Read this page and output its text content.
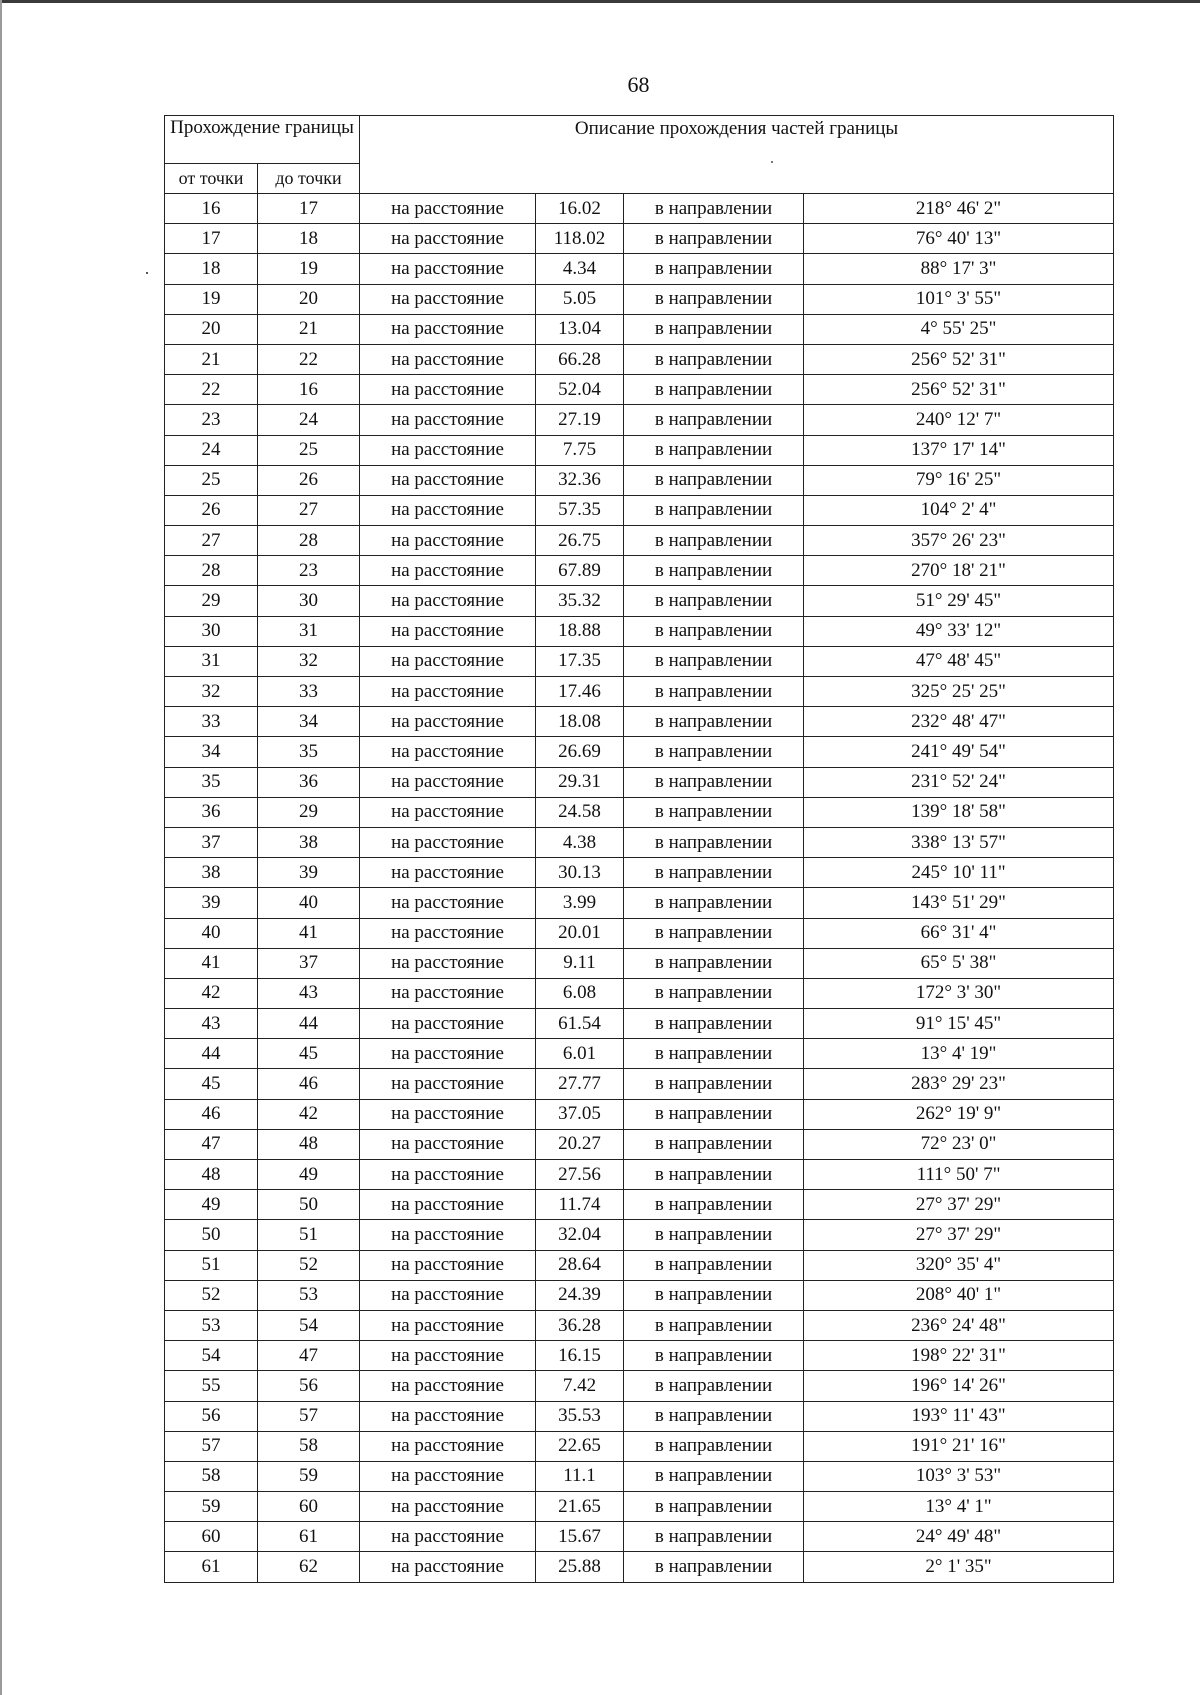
68
Прохождение границы		Описание прохождения частей границы			
от точки	до точки				
16	17	на расстояние	16.02	в направлении	218° 46' 2"
17	18	на расстояние	118.02	в направлении	76° 40' 13"
18	19	на расстояние	4.34	в направлении	88° 17' 3"
19	20	на расстояние	5.05	в направлении	101° 3' 55"
20	21	на расстояние	13.04	в направлении	4° 55' 25"
21	22	на расстояние	66.28	в направлении	256° 52' 31"
22	16	на расстояние	52.04	в направлении	256° 52' 31"
23	24	на расстояние	27.19	в направлении	240° 12' 7"
24	25	на расстояние	7.75	в направлении	137° 17' 14"
25	26	на расстояние	32.36	в направлении	79° 16' 25"
26	27	на расстояние	57.35	в направлении	104° 2' 4"
27	28	на расстояние	26.75	в направлении	357° 26' 23"
28	23	на расстояние	67.89	в направлении	270° 18' 21"
29	30	на расстояние	35.32	в направлении	51° 29' 45"
30	31	на расстояние	18.88	в направлении	49° 33' 12"
31	32	на расстояние	17.35	в направлении	47° 48' 45"
32	33	на расстояние	17.46	в направлении	325° 25' 25"
33	34	на расстояние	18.08	в направлении	232° 48' 47"
34	35	на расстояние	26.69	в направлении	241° 49' 54"
35	36	на расстояние	29.31	в направлении	231° 52' 24"
36	29	на расстояние	24.58	в направлении	139° 18' 58"
37	38	на расстояние	4.38	в направлении	338° 13' 57"
38	39	на расстояние	30.13	в направлении	245° 10' 11"
39	40	на расстояние	3.99	в направлении	143° 51' 29"
40	41	на расстояние	20.01	в направлении	66° 31' 4"
41	37	на расстояние	9.11	в направлении	65° 5' 38"
42	43	на расстояние	6.08	в направлении	172° 3' 30"
43	44	на расстояние	61.54	в направлении	91° 15' 45"
44	45	на расстояние	6.01	в направлении	13° 4' 19"
45	46	на расстояние	27.77	в направлении	283° 29' 23"
46	42	на расстояние	37.05	в направлении	262° 19' 9"
47	48	на расстояние	20.27	в направлении	72° 23' 0"
48	49	на расстояние	27.56	в направлении	111° 50' 7"
49	50	на расстояние	11.74	в направлении	27° 37' 29"
50	51	на расстояние	32.04	в направлении	27° 37' 29"
51	52	на расстояние	28.64	в направлении	320° 35' 4"
52	53	на расстояние	24.39	в направлении	208° 40' 1"
53	54	на расстояние	36.28	в направлении	236° 24' 48"
54	47	на расстояние	16.15	в направлении	198° 22' 31"
55	56	на расстояние	7.42	в направлении	196° 14' 26"
56	57	на расстояние	35.53	в направлении	193° 11' 43"
57	58	на расстояние	22.65	в направлении	191° 21' 16"
58	59	на расстояние	11.1	в направлении	103° 3' 53"
59	60	на расстояние	21.65	в направлении	13° 4' 1"
60	61	на расстояние	15.67	в направлении	24° 49' 48"
61	62	на расстояние	25.88	в направлении	2° 1' 35"
